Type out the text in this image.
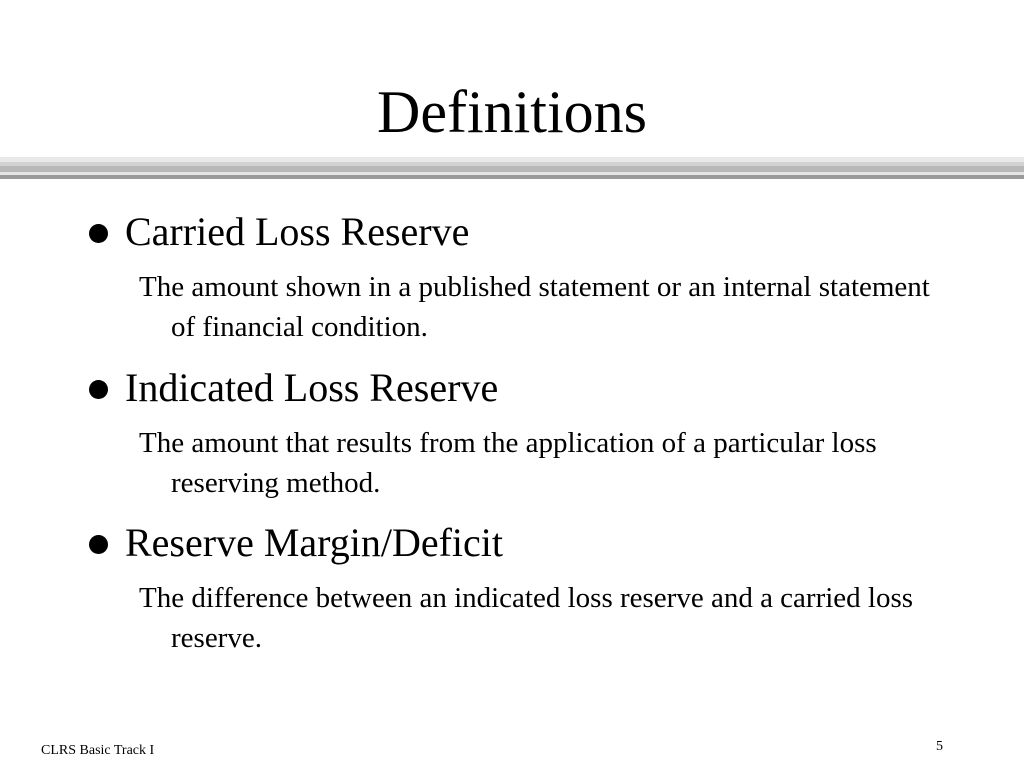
Definitions
Carried Loss Reserve
The amount shown in a published statement or an internal statement of financial condition.
Indicated Loss Reserve
The amount that results from the application of a particular loss reserving method.
Reserve Margin/Deficit
The difference between an indicated loss reserve and a carried loss reserve.
CLRS Basic Track I	5
